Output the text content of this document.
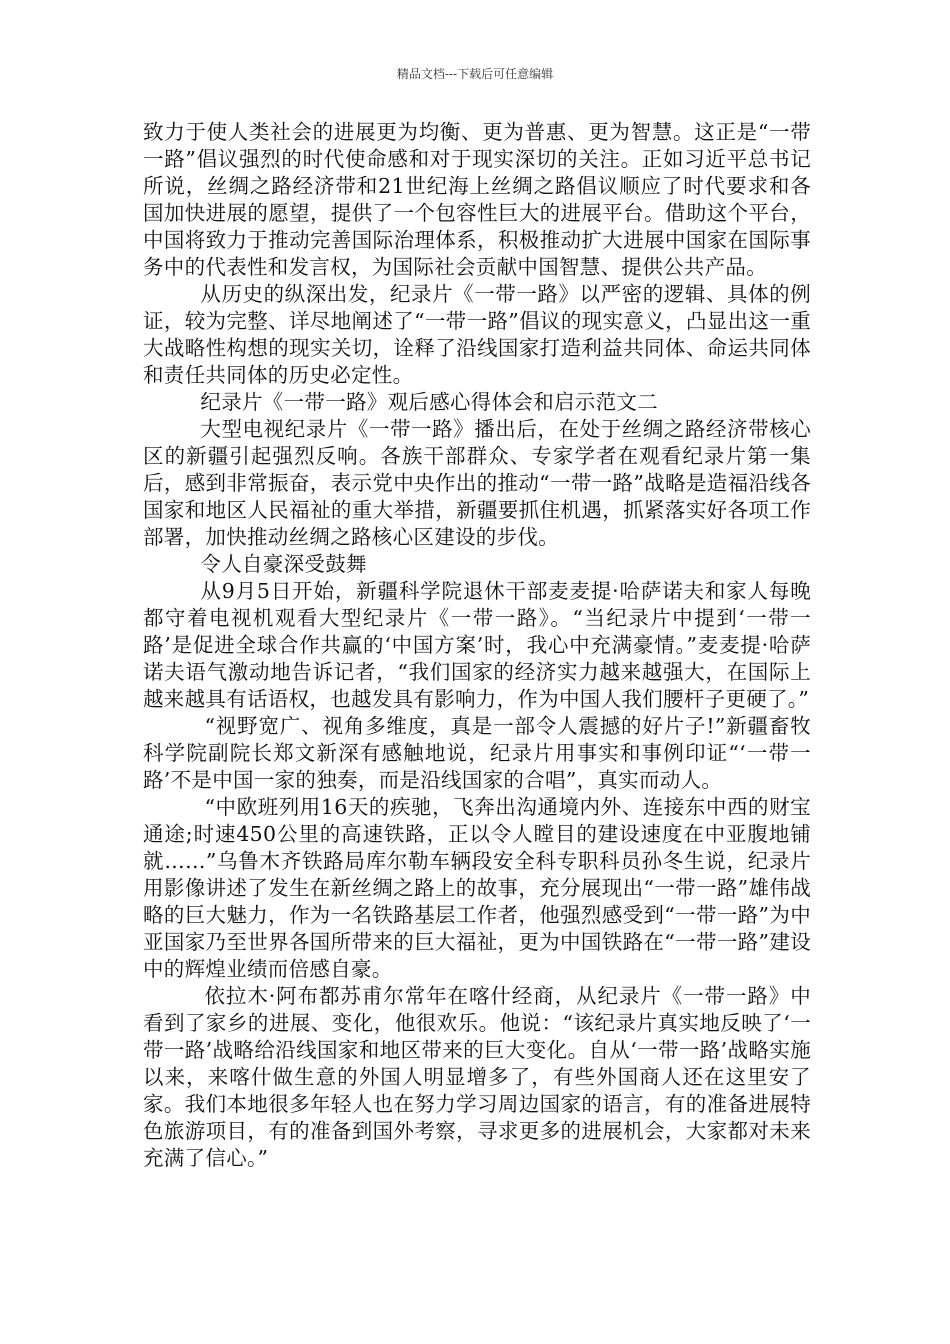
精品文档---下载后可任意编辑

致力于使人类社会的进展更为均衡、更为普惠、更为智慧。这正是“一带一路”倡议强烈的时代使命感和对于现实深切的关注。正如习近平总书记所说，丝绸之路经济带和21世纪海上丝绸之路倡议顺应了时代要求和各国加快进展的愿望，提供了一个包容性巨大的进展平台。借助这个平台，中国将致力于推动完善国际治理体系，积极推动扩大进展中国家在国际事务中的代表性和发言权，为国际社会贡献中国智慧、提供公共产品。

从历史的纵深出发，纪录片《一带一路》以严密的逻辑、具体的例证，较为完整、详尽地阐述了“一带一路”倡议的现实意义，凸显出这一重大战略性构想的现实关切，诠释了沿线国家打造利益共同体、命运共同体和责任共同体的历史必定性。

纪录片《一带一路》观后感心得体会和启示范文二

大型电视纪录片《一带一路》播出后，在处于丝绸之路经济带核心区的新疆引起强烈反响。各族干部群众、专家学者在观看纪录片第一集后，感到非常振奋，表示党中央作出的推动“一带一路”战略是造福沿线各国家和地区人民福祉的重大举措，新疆要抓住机遇，抓紧落实好各项工作部署，加快推动丝绸之路核心区建设的步伐。

令人自豪深受鼓舞

从9月5日开始，新疆科学院退休干部麦麦提·哈萨诺夫和家人每晚都守着电视机观看大型纪录片《一带一路》。“当纪录片中提到‘一带一路’是促进全球合作共赢的‘中国方案’时，我心中充满豪情。”麦麦提·哈萨诺夫语气激动地告诉记者，“我们国家的经济实力越来越强大，在国际上越来越具有话语权，也越发具有影响力，作为中国人我们腰杆子更硬了。”

“视野宽广、视角多维度，真是一部令人震撼的好片子!”新疆畜牧科学院副院长郑文新深有感触地说，纪录片用事实和事例印证“‘一带一路’不是中国一家的独奏，而是沿线国家的合唱”，真实而动人。

“中欧班列用16天的疾驰，飞奔出沟通境内外、连接东中西的财宝通途;时速450公里的高速铁路，正以令人瞠目的建设速度在中亚腹地铺就……”乌鲁木齐铁路局库尔勒车辆段安全科专职科员孙冬生说，纪录片用影像讲述了发生在新丝绸之路上的故事，充分展现出“一带一路”雄伟战略的巨大魅力，作为一名铁路基层工作者，他强烈感受到“一带一路”为中亚国家乃至世界各国所带来的巨大福祉，更为中国铁路在“一带一路”建设中的辉煌业绩而倍感自豪。

依拉木·阿布都苏甫尔常年在喀什经商，从纪录片《一带一路》中看到了家乡的进展、变化，他很欢乐。他说：“该纪录片真实地反映了‘一带一路’战略给沿线国家和地区带来的巨大变化。自从‘一带一路’战略实施以来，来喀什做生意的外国人明显增多了，有些外国商人还在这里安了家。我们本地很多年轻人也在努力学习周边国家的语言，有的准备进展特色旅游项目，有的准备到国外考察，寻求更多的进展机会，大家都对未来充满了信心。”
